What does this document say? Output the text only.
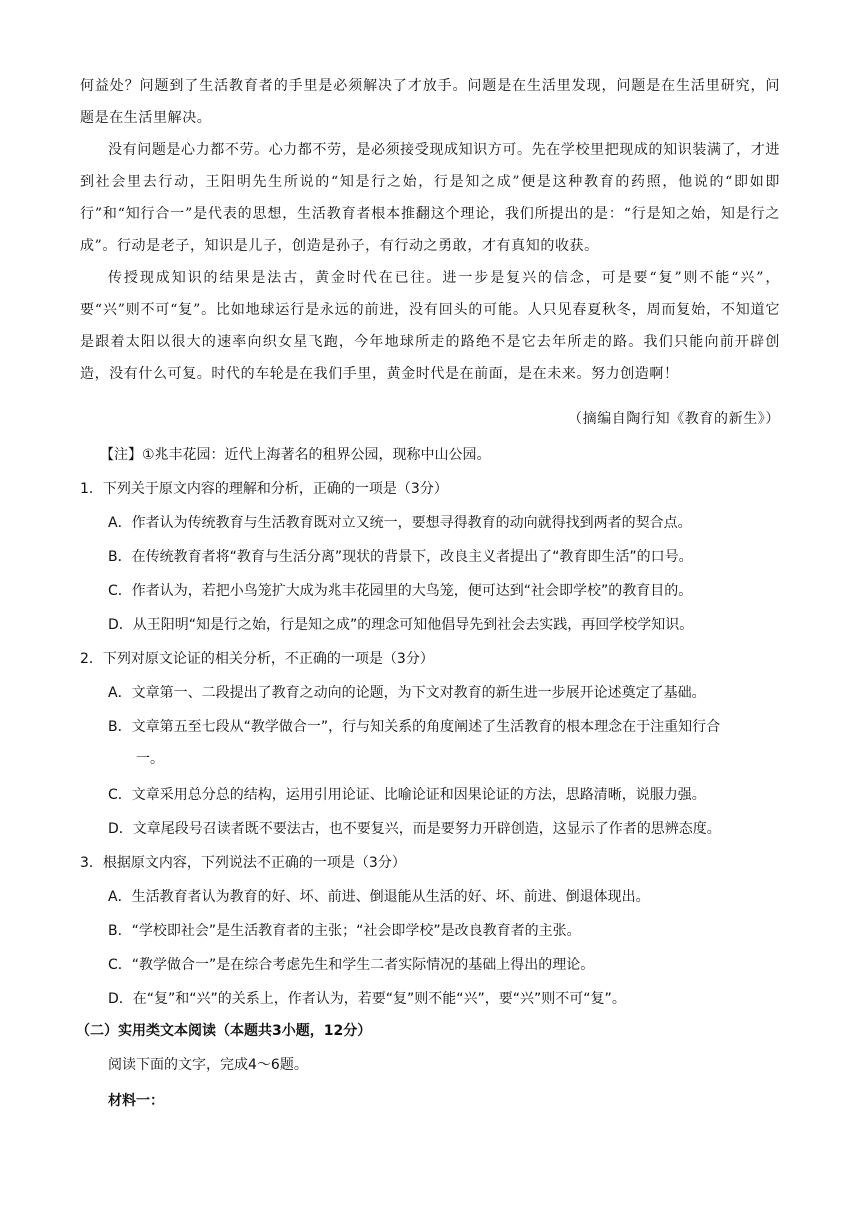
何益处？问题到了生活教育者的手里是必须解决了才放手。问题是在生活里发现，问题是在生活里研究，问题是在生活里解决。
没有问题是心力都不劳。心力都不劳，是必须接受现成知识方可。先在学校里把现成的知识装满了，才进到社会里去行动，王阳明先生所说的“知是行之始，行是知之成”便是这种教育的药照，他说的“即如即行”和“知行合一”是代表的思想，生活教育者根本推翻这个理论，我们所提出的是：“行是知之始，知是行之成”。行动是老子，知识是儿子，创造是孙子，有行动之勇敢，才有真知的收获。
传授现成知识的结果是法古，黄金时代在已往。进一步是复兴的信念，可是要“复”则不能“兴”，要“兴”则不可“复”。比如地球运行是永远的前进，没有回头的可能。人只见春夏秋冬，周而复始，不知道它是跟着太阳以很大的速率向织女星飞跑，今年地球所走的路绝不是它去年所走的路。我们只能向前开辟创造，没有什么可复。时代的车轮是在我们手里，黄金时代是在前面，是在未来。努力创造啊！
（摘编自陶行知《教育的新生》）
【注】①兆丰花园：近代上海著名的租界公园，现称中山公园。
1．下列关于原文内容的理解和分析，正确的一项是（3分）
A．作者认为传统教育与生活教育既对立又统一，要想寻得教育的动向就得找到两者的契合点。
B．在传统教育者将“教育与生活分离”现状的背景下，改良主义者提出了“教育即生活”的口号。
C．作者认为，若把小鸟笼扩大成为兆丰花园里的大鸟笼，便可达到“社会即学校”的教育目的。
D．从王阳明“知是行之始，行是知之成”的理念可知他倡导先到社会去实践，再回学校学知识。
2．下列对原文论证的相关分析，不正确的一项是（3分）
A．文章第一、二段提出了教育之动向的论题，为下文对教育的新生进一步展开论述奠定了基础。
B．文章第五至七段从“教学做合一”，行与知关系的角度阐述了生活教育的根本理念在于注重知行合
一。
C．文章采用总分总的结构，运用引用论证、比喻论证和因果论证的方法，思路清晰，说服力强。
D．文章尾段号召读者既不要法古，也不要复兴，而是要努力开辟创造，这显示了作者的思辨态度。
3．根据原文内容，下列说法不正确的一项是（3分）
A．生活教育者认为教育的好、坏、前进、倒退能从生活的好、坏、前进、倒退体现出。
B．“学校即社会”是生活教育者的主张；“社会即学校”是改良教育者的主张。
C．“教学做合一”是在综合考虑先生和学生二者实际情况的基础上得出的理论。
D．在“复”和“兴”的关系上，作者认为，若要“复”则不能“兴”，要“兴”则不可“复”。
（二）实用类文本阅读（本题共3小题，12分）
阅读下面的文字，完成4～6题。
材料一：
